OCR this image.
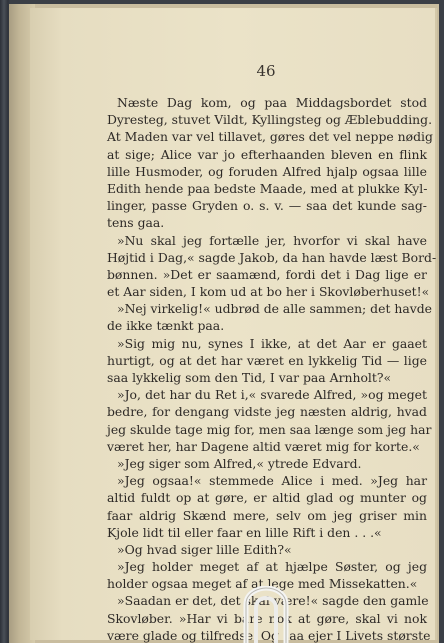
46
Næste Dag kom, og paa Middagsbordet stod
Dyresteg, stuvet Vildt, Kyllingsteg og Æblebudding.
At Maden var vel tillavet, gøres det vel neppe nødig
at sige; Alice var jo efterhaanden bleven en flink
lille Husmoder, og foruden Alfred hjalp ogsaa lille
Edith hende paa bedste Maade, med at plukke Kyl-
linger, passe Gryden o. s. v. — saa det kunde sag-
tens gaa.
»Nu skal jeg fortælle jer, hvorfor vi skal have
Højtid i Dag,« sagde Jakob, da han havde læst Bord-
bønnen. »Det er saamænd, fordi det i Dag lige er
et Aar siden, I kom ud at bo her i Skovløberhuset!«
»Nej virkelig!« udbrød de alle sammen; det havde
de ikke tænkt paa.
»Sig mig nu, synes I ikke, at det Aar er gaaet
hurtigt, og at det har været en lykkelig Tid — lige
saa lykkelig som den Tid, I var paa Arnholt?«
»Jo, det har du Ret i,« svarede Alfred, »og meget
bedre, for dengang vidste jeg næsten aldrig, hvad
jeg skulde tage mig for, men saa længe som jeg har
været her, har Dagene altid været mig for korte.«
»Jeg siger som Alfred,« ytrede Edvard.
»Jeg ogsaa!« stemmede Alice i med. »Jeg har
altid fuldt op at gøre, er altid glad og munter og
faar aldrig Skænd mere, selv om jeg griser min
Kjole lidt til eller faar en lille Rift i den . . .«
»Og hvad siger lille Edith?«
»Jeg holder meget af at hjælpe Søster, og jeg
holder ogsaa meget af at lege med Missekatten.«
»Saadan er det, det skal være!« sagde den gamle
Skovløber. »Har vi bare nok at gøre, skal vi nok
være glade og tilfredse. Og saa ejer I Livets største
